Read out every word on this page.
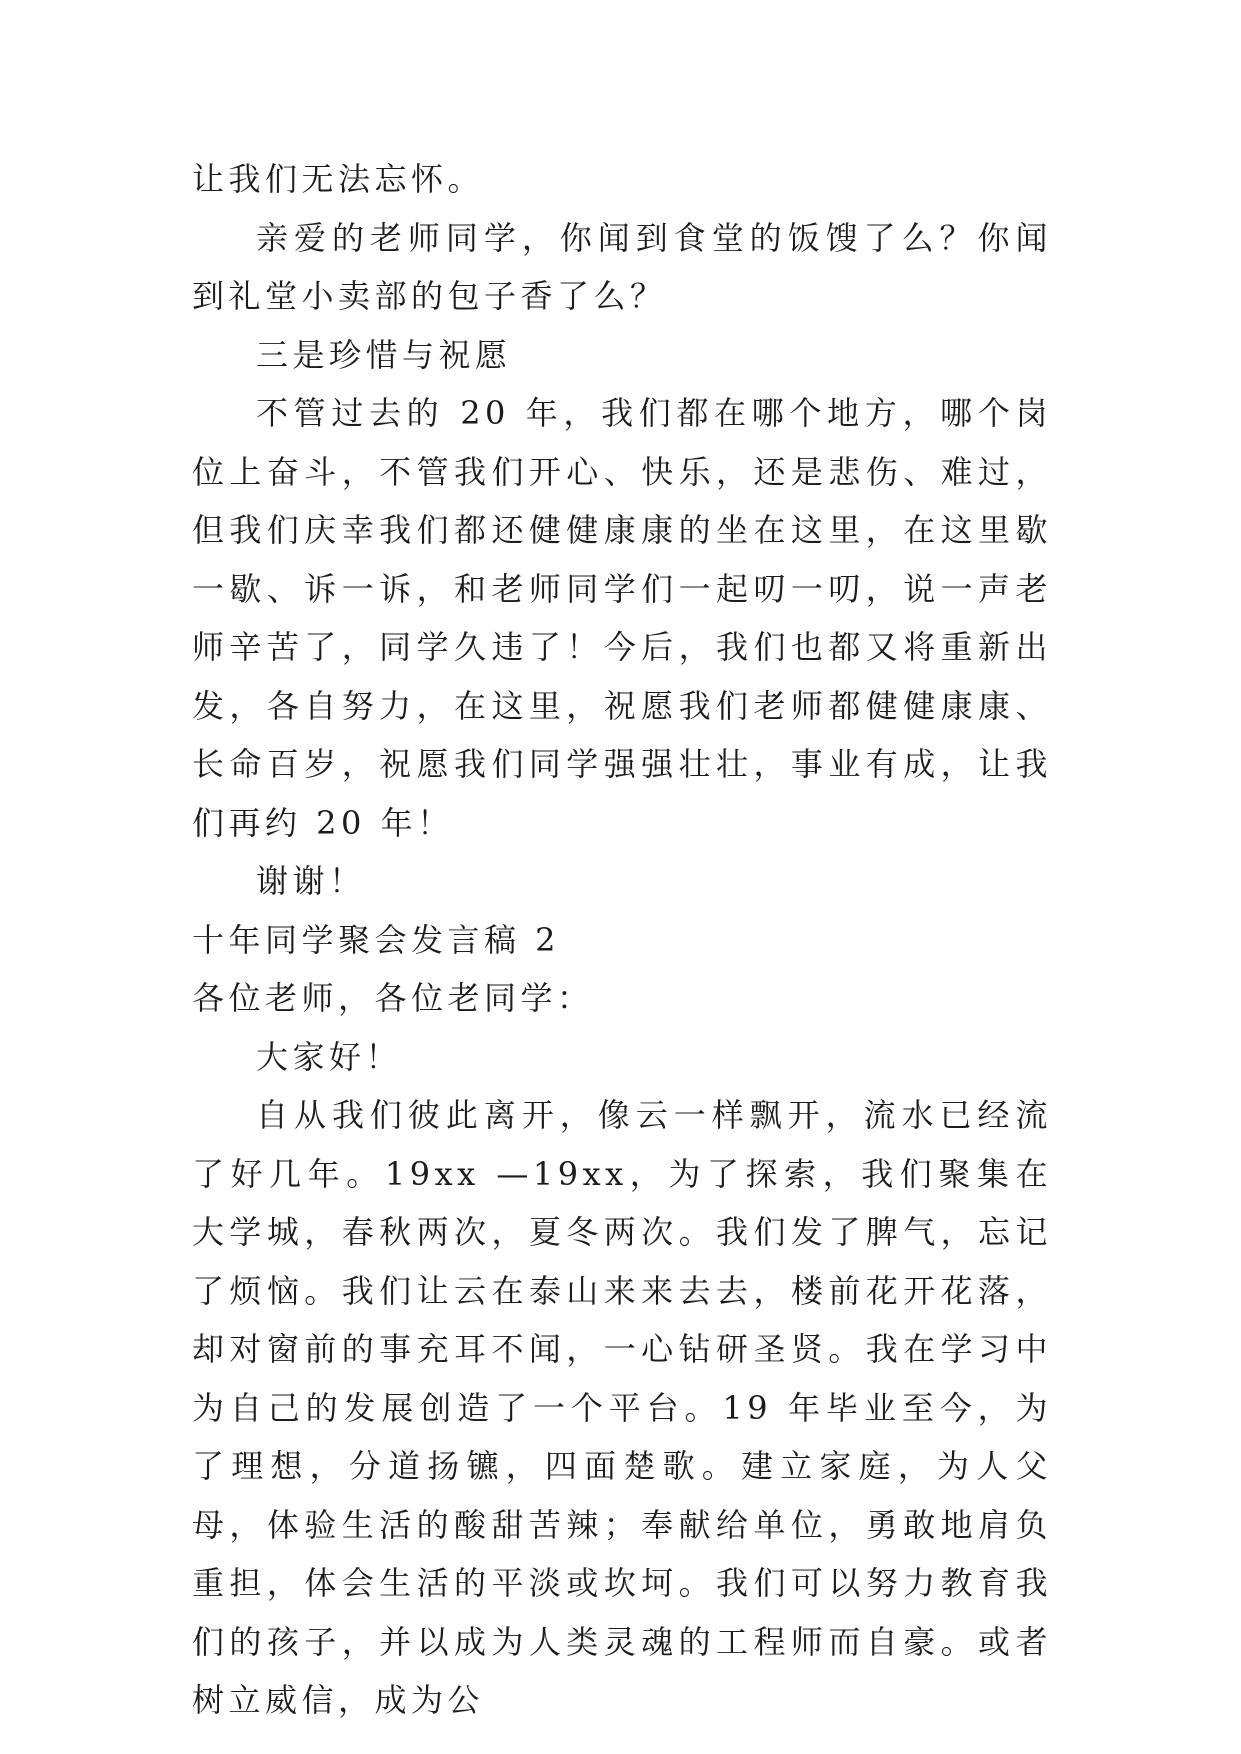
让我们无法忘怀。

亲爱的老师同学，你闻到食堂的饭馊了么？你闻到礼堂小卖部的包子香了么？

三是珍惜与祝愿

不管过去的 20 年，我们都在哪个地方，哪个岗位上奋斗，不管我们开心、快乐，还是悲伤、难过，但我们庆幸我们都还健健康康的坐在这里，在这里歇一歇、诉一诉，和老师同学们一起叨一叨，说一声老师辛苦了，同学久违了！今后，我们也都又将重新出发，各自努力，在这里，祝愿我们老师都健健康康、长命百岁，祝愿我们同学强强壮壮，事业有成，让我们再约 20 年！

谢谢！

十年同学聚会发言稿 2

各位老师，各位老同学：

大家好！

自从我们彼此离开，像云一样飘开，流水已经流了好几年。19xx —19xx，为了探索，我们聚集在大学城，春秋两次，夏冬两次。我们发了脾气，忘记了烦恼。我们让云在泰山来来去去，楼前花开花落，却对窗前的事充耳不闻，一心钻研圣贤。我在学习中为自己的发展创造了一个平台。19 年毕业至今，为了理想，分道扬镳，四面楚歌。建立家庭，为人父母，体验生活的酸甜苦辣；奉献给单位，勇敢地肩负重担，体会生活的平淡或坎坷。我们可以努力教育我们的孩子，并以成为人类灵魂的工程师而自豪。或者树立威信，成为公
